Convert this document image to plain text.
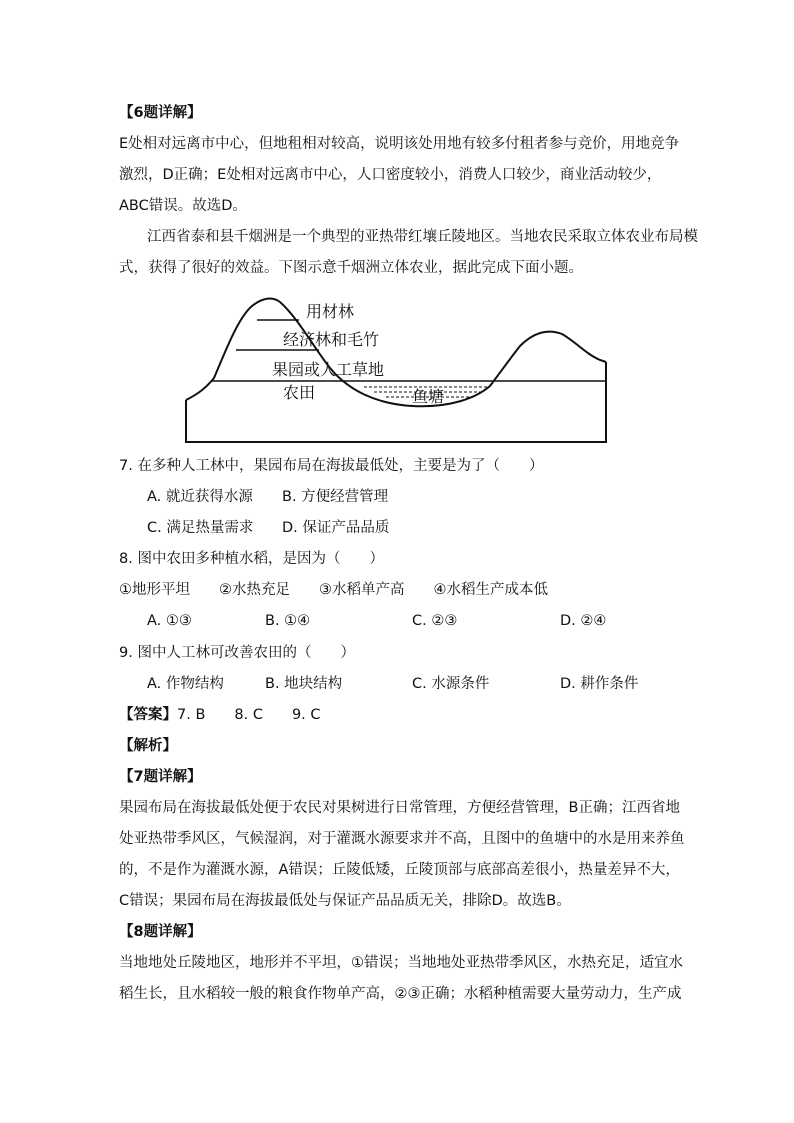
【6题详解】
E处相对远离市中心，但地租相对较高，说明该处用地有较多付租者参与竞价，用地竞争
激烈，D正确；E处相对远离市中心，人口密度较小，消费人口较少，商业活动较少，
ABC错误。故选D。
江西省泰和县千烟洲是一个典型的亚热带红壤丘陵地区。当地农民采取立体农业布局模
式，获得了很好的效益。下图示意千烟洲立体农业，据此完成下面小题。
用材林
经济林和毛竹
果园或人工草地
农田	鱼塘
7. 在多种人工林中，果园布局在海拔最低处，主要是为了（　　）
A. 就近获得水源 B. 方便经营管理
C. 满足热量需求 D. 保证产品品质
8. 图中农田多种植水稻，是因为（　　）
①地形平坦　　②水热充足　　③水稻单产高　　④水稻生产成本低
A. ①③	B. ①④	C. ②③	D. ②④
9. 图中人工林可改善农田的（　　）
A. 作物结构	B. 地块结构	C. 水源条件	D. 耕作条件
【答案】7. B　　8. C　　9. C
【解析】
【7题详解】
果园布局在海拔最低处便于农民对果树进行日常管理，方便经营管理，B正确；江西省地
处亚热带季风区，气候湿润，对于灌溉水源要求并不高，且图中的鱼塘中的水是用来养鱼
的，不是作为灌溉水源，A错误；丘陵低矮，丘陵顶部与底部高差很小，热量差异不大，
C错误；果园布局在海拔最低处与保证产品品质无关，排除D。故选B。
【8题详解】
当地地处丘陵地区，地形并不平坦，①错误；当地地处亚热带季风区，水热充足，适宜水
稻生长，且水稻较一般的粮食作物单产高，②③正确；水稻种植需要大量劳动力，生产成
